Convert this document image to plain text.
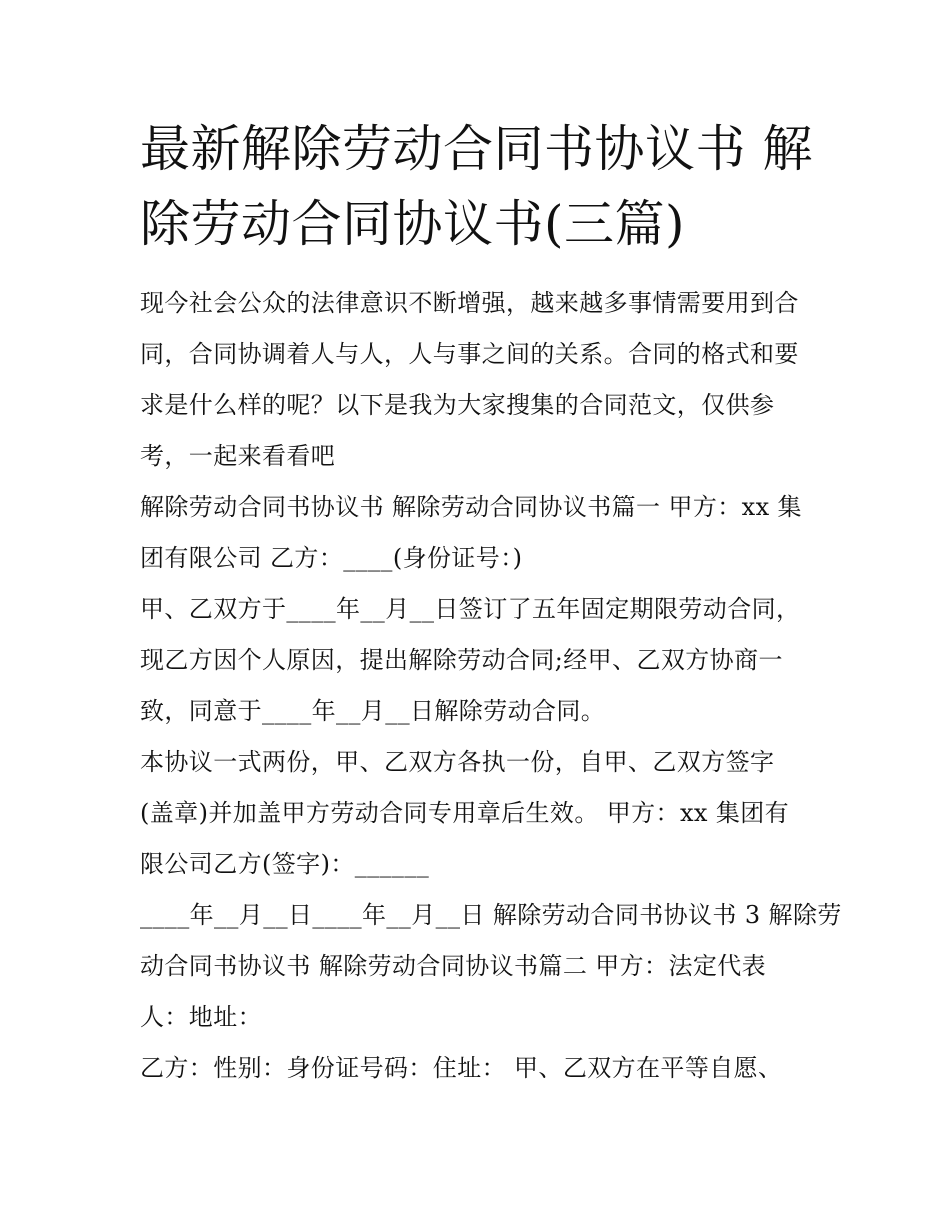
最新解除劳动合同书协议书 解
除劳动合同协议书(三篇)

现今社会公众的法律意识不断增强，越来越多事情需要用到合
同，合同协调着人与人，人与事之间的关系。合同的格式和要
求是什么样的呢？以下是我为大家搜集的合同范文，仅供参
考，一起来看看吧

解除劳动合同书协议书 解除劳动合同协议书篇一 甲方：xx 集
团有限公司 乙方：____(身份证号：)

甲、乙双方于____年__月__日签订了五年固定期限劳动合同，
现乙方因个人原因，提出解除劳动合同;经甲、乙双方协商一
致，同意于____年__月__日解除劳动合同。

本协议一式两份，甲、乙双方各执一份，自甲、乙双方签字
(盖章)并加盖甲方劳动合同专用章后生效。 甲方：xx 集团有
限公司乙方(签字)：______

____年__月__日____年__月__日 解除劳动合同书协议书 3 解除劳
动合同书协议书 解除劳动合同协议书篇二 甲方：法定代表
人：地址：

乙方：性别：身份证号码：住址： 甲、乙双方在平等自愿、
